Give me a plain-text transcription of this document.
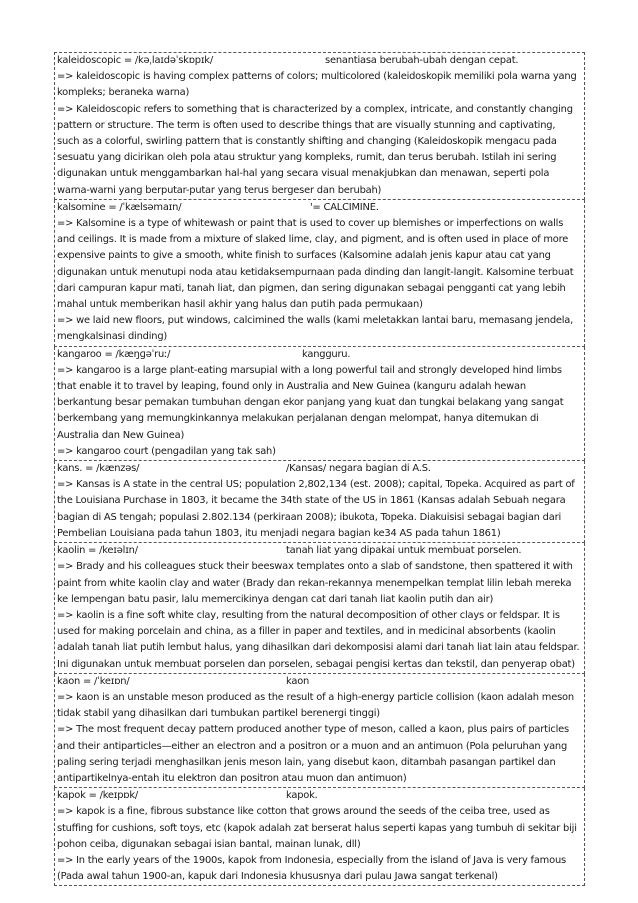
kaleidoscopic = /kəˌlaɪdəˈskɒpɪk/	senantiasa berubah-ubah dengan cepat.
=> kaleidoscopic is having complex patterns of colors; multicolored (kaleidoskopik memiliki pola warna yang
kompleks; beraneka warna)
=> Kaleidoscopic refers to something that is characterized by a complex, intricate, and constantly changing
pattern or structure. The term is often used to describe things that are visually stunning and captivating,
such as a colorful, swirling pattern that is constantly shifting and changing (Kaleidoskopik mengacu pada
sesuatu yang dicirikan oleh pola atau struktur yang kompleks, rumit, dan terus berubah. Istilah ini sering
digunakan untuk menggambarkan hal-hal yang secara visual menakjubkan dan menawan, seperti pola
warna-warni yang berputar-putar yang terus bergeser dan berubah)
kalsomine = /ˈkælsəmaɪn/	'= CALCIMINE.
=> Kalsomine is a type of whitewash or paint that is used to cover up blemishes or imperfections on walls
and ceilings. It is made from a mixture of slaked lime, clay, and pigment, and is often used in place of more
expensive paints to give a smooth, white finish to surfaces (Kalsomine adalah jenis kapur atau cat yang
digunakan untuk menutupi noda atau ketidaksempurnaan pada dinding dan langit-langit. Kalsomine terbuat
dari campuran kapur mati, tanah liat, dan pigmen, dan sering digunakan sebagai pengganti cat yang lebih
mahal untuk memberikan hasil akhir yang halus dan putih pada permukaan)
=> we laid new floors, put windows, calcimined the walls (kami meletakkan lantai baru, memasang jendela,
mengkalsinasi dinding)
kangaroo = /kæŋɡəˈruː/	kangguru.
=> kangaroo is a large plant-eating marsupial with a long powerful tail and strongly developed hind limbs
that enable it to travel by leaping, found only in Australia and New Guinea (kanguru adalah hewan
berkantung besar pemakan tumbuhan dengan ekor panjang yang kuat dan tungkai belakang yang sangat
berkembang yang memungkinkannya melakukan perjalanan dengan melompat, hanya ditemukan di
Australia dan New Guinea)
=> kangaroo court (pengadilan yang tak sah)
kans. = /kænzəs/	/Kansas/ negara bagian di A.S.
=> Kansas is A state in the central US; population 2,802,134 (est. 2008); capital, Topeka. Acquired as part of
the Louisiana Purchase in 1803, it became the 34th state of the US in 1861 (Kansas adalah Sebuah negara
bagian di AS tengah; populasi 2.802.134 (perkiraan 2008); ibukota, Topeka. Diakuisisi sebagai bagian dari
Pembelian Louisiana pada tahun 1803, itu menjadi negara bagian ke34 AS pada tahun 1861)
kaolin = /keɪəlɪn/	tanah liat yang dipakai untuk membuat porselen.
=> Brady and his colleagues stuck their beeswax templates onto a slab of sandstone, then spattered it with
paint from white kaolin clay and water (Brady dan rekan-rekannya menempelkan templat lilin lebah mereka
ke lempengan batu pasir, lalu memercikinya dengan cat dari tanah liat kaolin putih dan air)
=> kaolin is a fine soft white clay, resulting from the natural decomposition of other clays or feldspar. It is
used for making porcelain and china, as a filler in paper and textiles, and in medicinal absorbents (kaolin
adalah tanah liat putih lembut halus, yang dihasilkan dari dekomposisi alami dari tanah liat lain atau feldspar.
Ini digunakan untuk membuat porselen dan porselen, sebagai pengisi kertas dan tekstil, dan penyerap obat)
kaon = /ˈkeɪɒn/	kaon
=> kaon is an unstable meson produced as the result of a high-energy particle collision (kaon adalah meson
tidak stabil yang dihasilkan dari tumbukan partikel berenergi tinggi)
=> The most frequent decay pattern produced another type of meson, called a kaon, plus pairs of particles
and their antiparticles—either an electron and a positron or a muon and an antimuon (Pola peluruhan yang
paling sering terjadi menghasilkan jenis meson lain, yang disebut kaon, ditambah pasangan partikel dan
antipartikelnya-entah itu elektron dan positron atau muon dan antimuon)
kapok = /keɪpɒk/	kapok.
=> kapok is a fine, fibrous substance like cotton that grows around the seeds of the ceiba tree, used as
stuffing for cushions, soft toys, etc (kapok adalah zat berserat halus seperti kapas yang tumbuh di sekitar biji
pohon ceiba, digunakan sebagai isian bantal, mainan lunak, dll)
=> In the early years of the 1900s, kapok from Indonesia, especially from the island of Java is very famous
(Pada awal tahun 1900-an, kapuk dari Indonesia khususnya dari pulau Jawa sangat terkenal)
